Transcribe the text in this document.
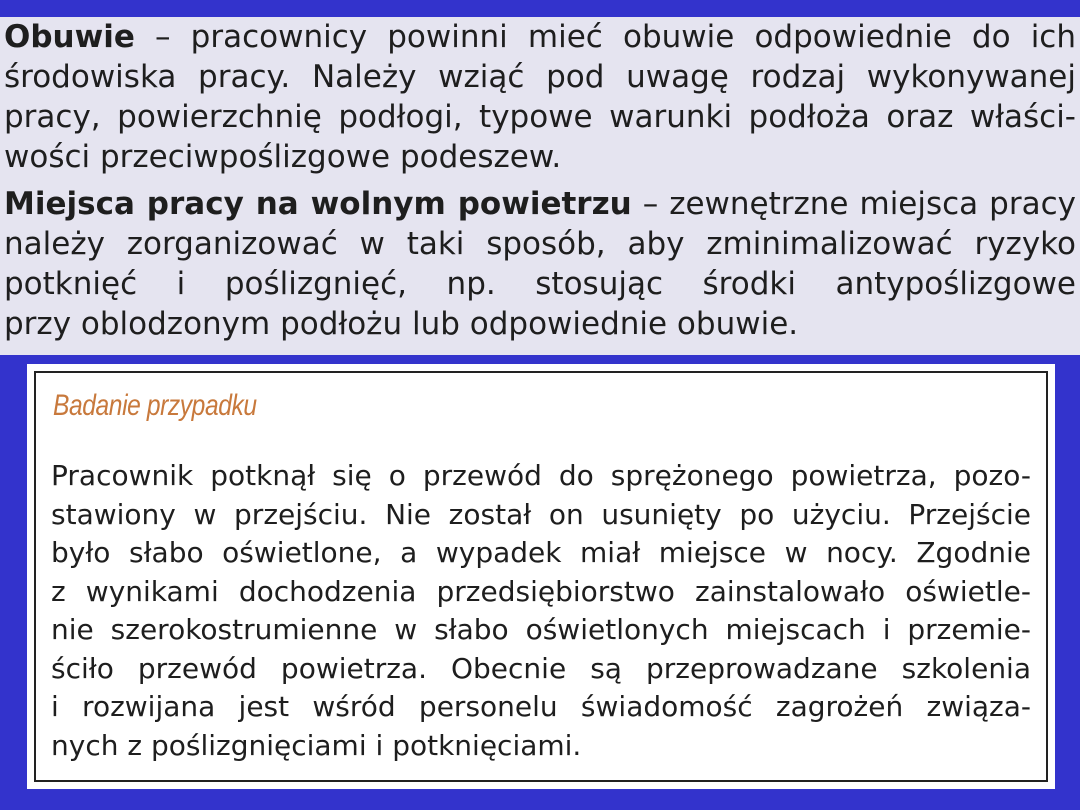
Obuwie – pracownicy powinni mieć obuwie odpowiednie do ich
środowiska pracy. Należy wziąć pod uwagę rodzaj wykonywanej
pracy, powierzchnię podłogi, typowe warunki podłoża oraz właści-
wości przeciwpoślizgowe podeszew.

Miejsca pracy na wolnym powietrzu – zewnętrzne miejsca pracy
należy zorganizować w taki sposób, aby zminimalizować ryzyko
potknięć i poślizgnięć, np. stosując środki antypoślizgowe
przy oblodzonym podłożu lub odpowiednie obuwie.

Badanie przypadku

Pracownik potknął się o przewód do sprężonego powietrza, pozo-
stawiony w przejściu. Nie został on usunięty po użyciu. Przejście
było słabo oświetlone, a wypadek miał miejsce w nocy. Zgodnie
z wynikami dochodzenia przedsiębiorstwo zainstalowało oświetle-
nie szerokostrumienne w słabo oświetlonych miejscach i przemie-
ściło przewód powietrza. Obecnie są przeprowadzane szkolenia
i rozwijana jest wśród personelu świadomość zagrożeń związa-
nych z poślizgnięciami i potknięciami.
